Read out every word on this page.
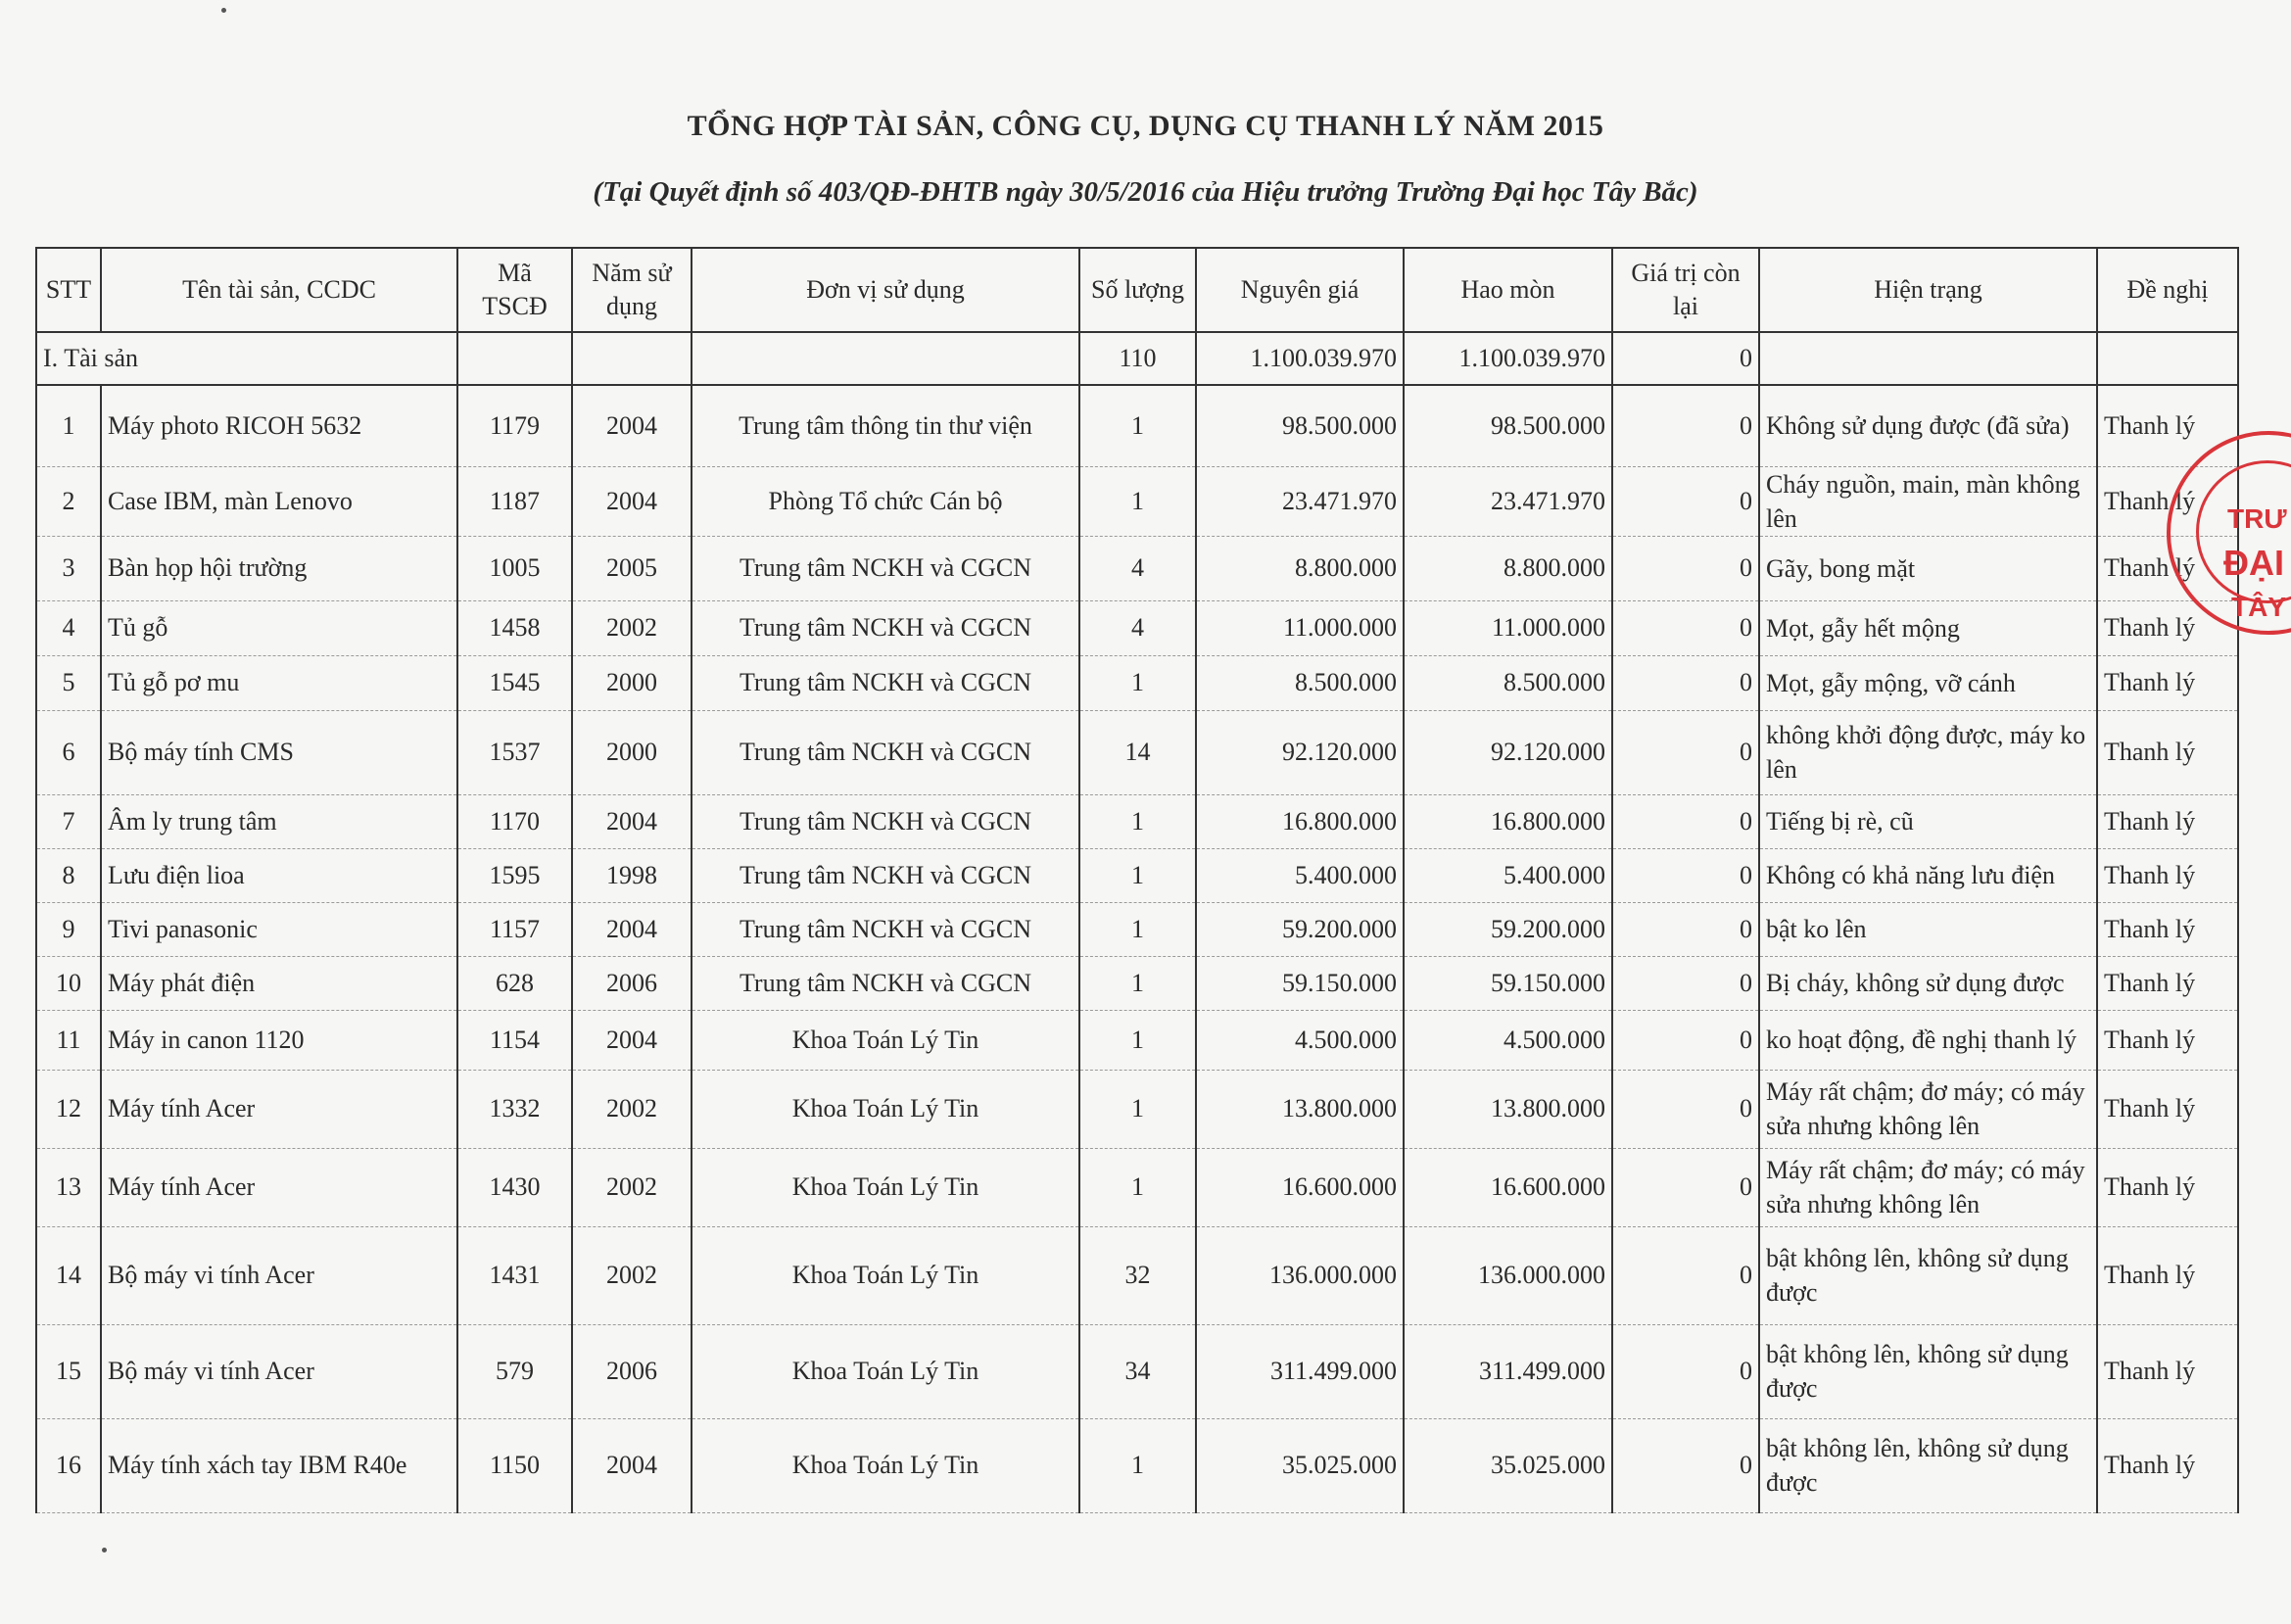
TỔNG HỢP TÀI SẢN, CÔNG CỤ, DỤNG CỤ THANH LÝ NĂM 2015
(Tại Quyết định số 403/QĐ-ĐHTB ngày 30/5/2016 của Hiệu trưởng Trường Đại học Tây Bắc)
STT	Tên tài sản, CCDC	Mã TSCĐ	Năm sử dụng	Đơn vị sử dụng	Số lượng	Nguyên giá	Hao mòn	Giá trị còn lại	Hiện trạng	Đề nghị
I. Tài sản					110	1.100.039.970	1.100.039.970	0		
1	Máy photo RICOH 5632	1179	2004	Trung tâm thông tin thư viện	1	98.500.000	98.500.000	0	Không sử dụng được (đã sửa)	Thanh lý
2	Case IBM, màn Lenovo	1187	2004	Phòng Tổ chức Cán bộ	1	23.471.970	23.471.970	0	Cháy nguồn, main, màn không lên	Thanh lý
3	Bàn họp hội trường	1005	2005	Trung tâm NCKH và CGCN	4	8.800.000	8.800.000	0	Gãy, bong mặt	Thanh lý
4	Tủ gỗ	1458	2002	Trung tâm NCKH và CGCN	4	11.000.000	11.000.000	0	Mọt, gẫy hết mộng	Thanh lý
5	Tủ gỗ pơ mu	1545	2000	Trung tâm NCKH và CGCN	1	8.500.000	8.500.000	0	Mọt, gẫy mộng, vỡ cánh	Thanh lý
6	Bộ máy tính CMS	1537	2000	Trung tâm NCKH và CGCN	14	92.120.000	92.120.000	0	không khởi động được, máy ko lên	Thanh lý
7	Âm ly trung tâm	1170	2004	Trung tâm NCKH và CGCN	1	16.800.000	16.800.000	0	Tiếng bị rè, cũ	Thanh lý
8	Lưu điện lioa	1595	1998	Trung tâm NCKH và CGCN	1	5.400.000	5.400.000	0	Không có khả năng lưu điện	Thanh lý
9	Tivi panasonic	1157	2004	Trung tâm NCKH và CGCN	1	59.200.000	59.200.000	0	bật ko lên	Thanh lý
10	Máy phát điện	628	2006	Trung tâm NCKH và CGCN	1	59.150.000	59.150.000	0	Bị cháy, không sử dụng được	Thanh lý
11	Máy in canon 1120	1154	2004	Khoa Toán Lý Tin	1	4.500.000	4.500.000	0	ko hoạt động, đề nghị thanh lý	Thanh lý
12	Máy tính Acer	1332	2002	Khoa Toán Lý Tin	1	13.800.000	13.800.000	0	Máy rất chậm; đơ máy; có máy sửa nhưng không lên	Thanh lý
13	Máy tính Acer	1430	2002	Khoa Toán Lý Tin	1	16.600.000	16.600.000	0	Máy rất chậm; đơ máy; có máy sửa nhưng không lên	Thanh lý
14	Bộ máy vi tính Acer	1431	2002	Khoa Toán Lý Tin	32	136.000.000	136.000.000	0	bật không lên, không sử dụng được	Thanh lý
15	Bộ máy vi tính Acer	579	2006	Khoa Toán Lý Tin	34	311.499.000	311.499.000	0	bật không lên, không sử dụng được	Thanh lý
16	Máy tính xách tay IBM R40e	1150	2004	Khoa Toán Lý Tin	1	35.025.000	35.025.000	0	bật không lên, không sử dụng được	Thanh lý
TRƯ
ĐẠI
TÂY
